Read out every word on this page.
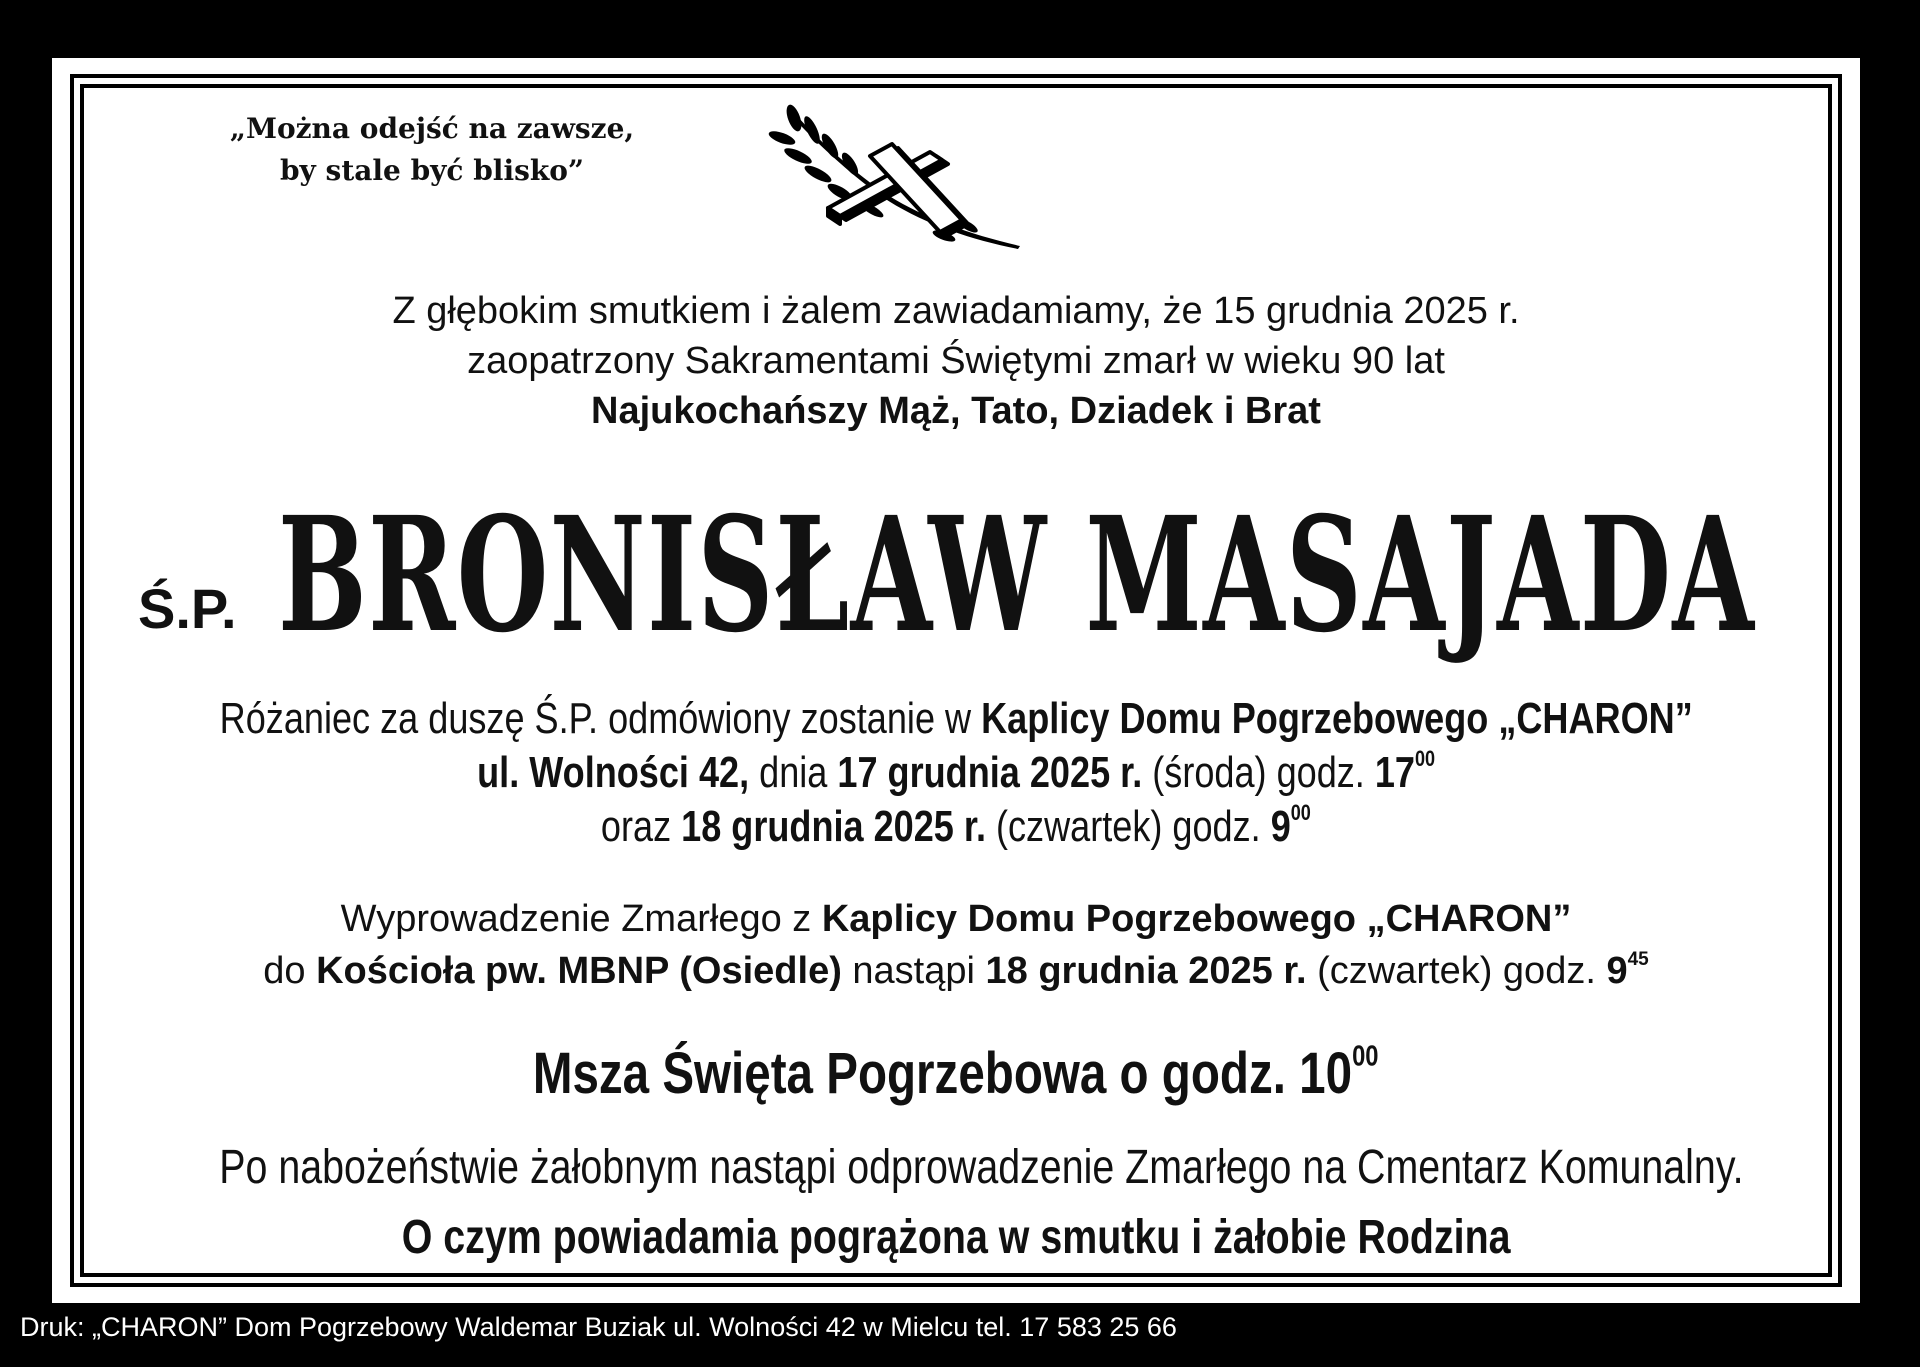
„Można odejść na zawsze,
by stale być blisko”
Z głębokim smutkiem i żalem zawiadamiamy, że 15 grudnia 2025 r.
zaopatrzony Sakramentami Świętymi zmarł w wieku 90 lat
Najukochańszy Mąż, Tato, Dziadek i Brat
Ś.P. BRONISŁAW MASAJADA
Różaniec za duszę Ś.P. odmówiony zostanie w Kaplicy Domu Pogrzebowego „CHARON”
ul. Wolności 42, dnia 17 grudnia 2025 r. (środa) godz. $17^{00}$
oraz 18 grudnia 2025 r. (czwartek) godz. $9^{00}$
Wyprowadzenie Zmarłego z Kaplicy Domu Pogrzebowego „CHARON”
do Kościoła pw. MBNP (Osiedle) nastąpi 18 grudnia 2025 r. (czwartek) godz. $9^{45}$
Msza Święta Pogrzebowa o godz. $10^{00}$
Po nabożeństwie żałobnym nastąpi odprowadzenie Zmarłego na Cmentarz Komunalny.
O czym powiadamia pogrążona w smutku i żałobie Rodzina
Druk: „CHARON” Dom Pogrzebowy Waldemar Buziak ul. Wolności 42 w Mielcu tel. 17 583 25 66
